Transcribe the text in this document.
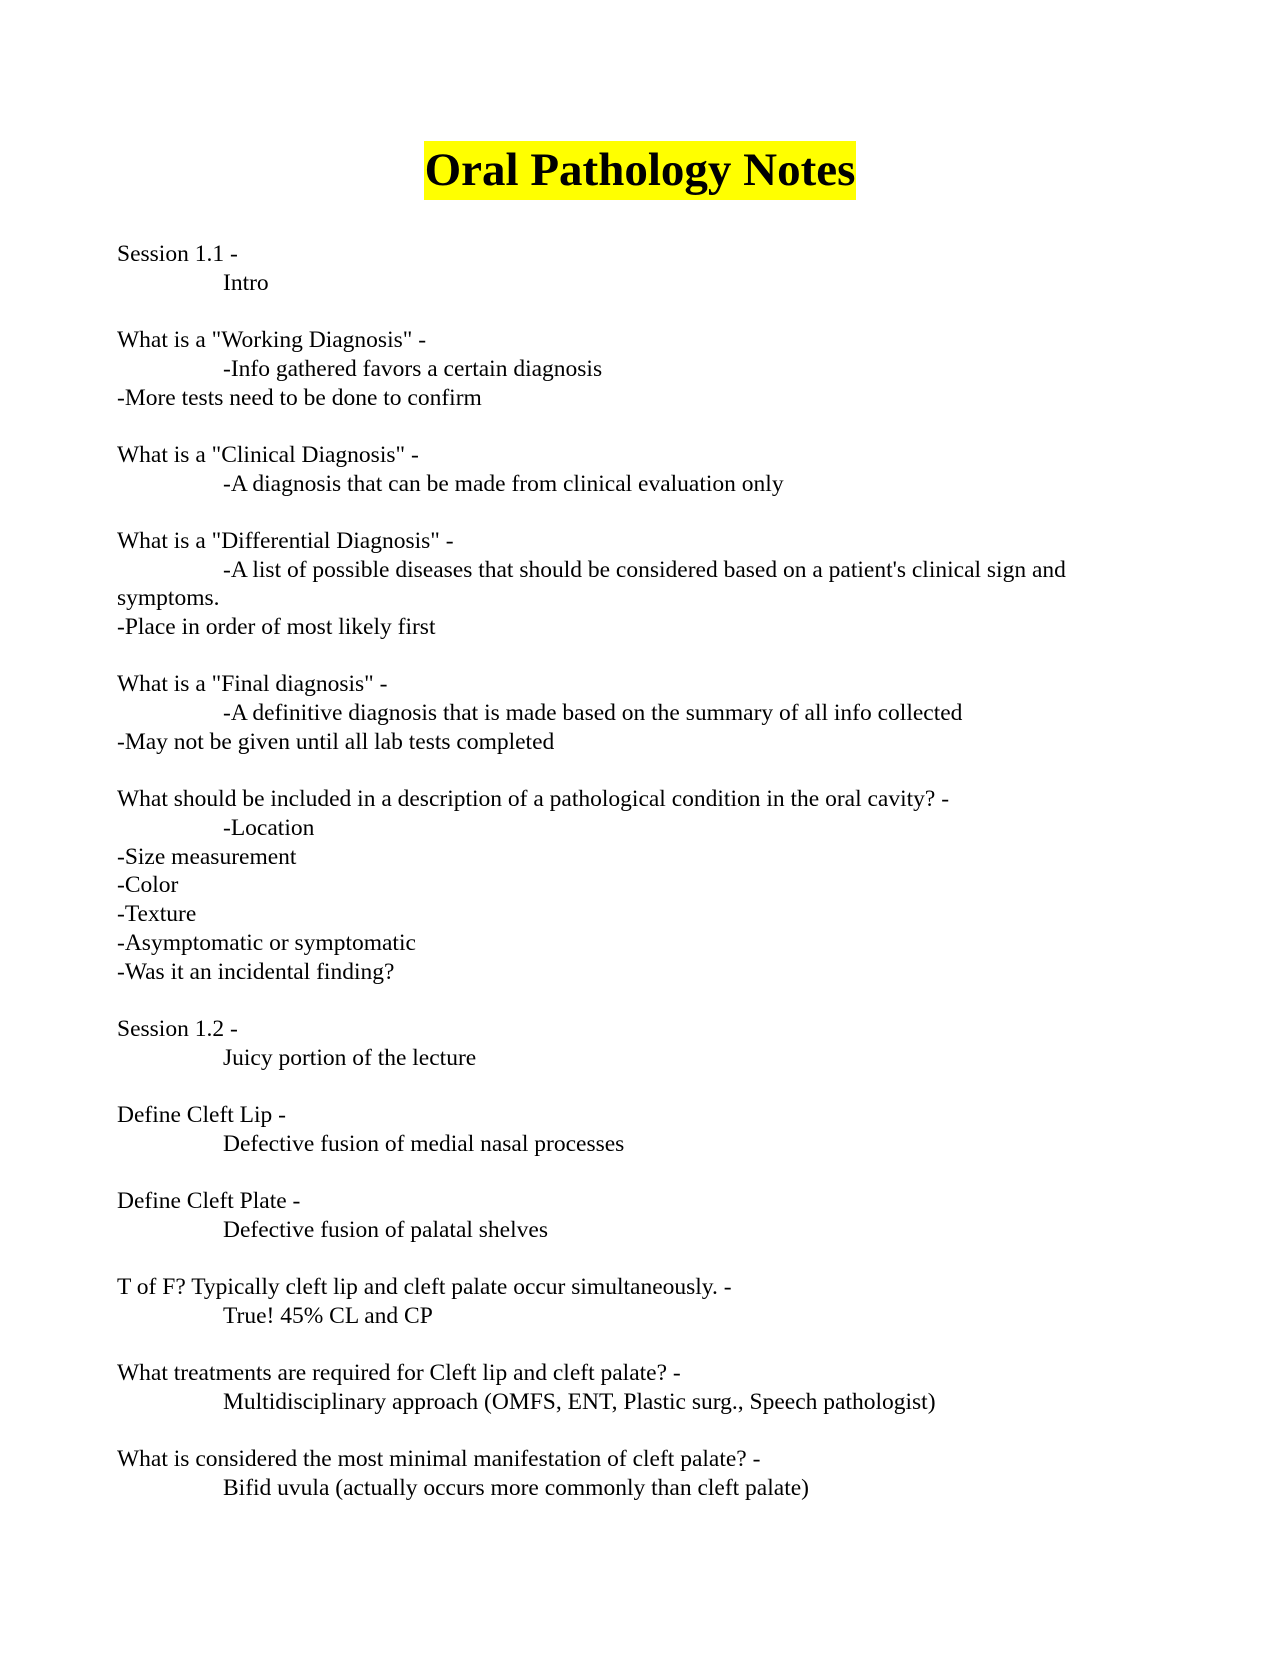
Oral Pathology Notes
Session 1.1 -
Intro
What is a "Working Diagnosis" -
-Info gathered favors a certain diagnosis
-More tests need to be done to confirm
What is a "Clinical Diagnosis" -
-A diagnosis that can be made from clinical evaluation only
What is a "Differential Diagnosis" -
-A list of possible diseases that should be considered based on a patient's clinical sign and symptoms.
-Place in order of most likely first
What is a "Final diagnosis" -
-A definitive diagnosis that is made based on the summary of all info collected
-May not be given until all lab tests completed
What should be included in a description of a pathological condition in the oral cavity? -
-Location
-Size measurement
-Color
-Texture
-Asymptomatic or symptomatic
-Was it an incidental finding?
Session 1.2 -
Juicy portion of the lecture
Define Cleft Lip -
Defective fusion of medial nasal processes
Define Cleft Plate -
Defective fusion of palatal shelves
T of F? Typically cleft lip and cleft palate occur simultaneously. -
True! 45% CL and CP
What treatments are required for Cleft lip and cleft palate? -
Multidisciplinary approach (OMFS, ENT, Plastic surg., Speech pathologist)
What is considered the most minimal manifestation of cleft palate? -
Bifid uvula (actually occurs more commonly than cleft palate)
